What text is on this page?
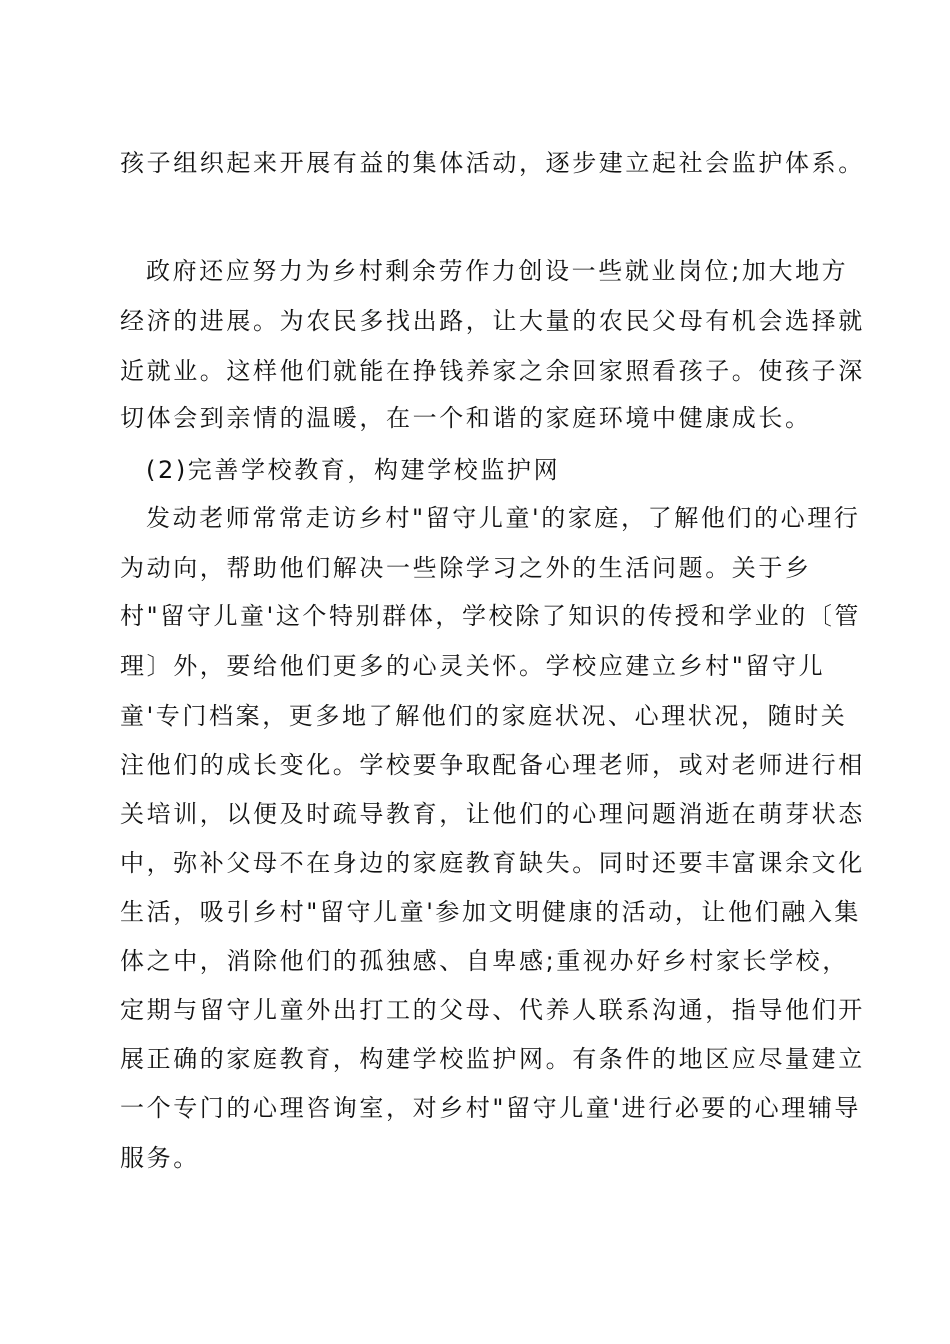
孩子组织起来开展有益的集体活动，逐步建立起社会监护体系。
政府还应努力为乡村剩余劳作力创设一些就业岗位;加大地方
经济的进展。为农民多找出路，让大量的农民父母有机会选择就
近就业。这样他们就能在挣钱养家之余回家照看孩子。使孩子深
切体会到亲情的温暖，在一个和谐的家庭环境中健康成长。
(2)完善学校教育，构建学校监护网
发动老师常常走访乡村"留守儿童'的家庭，了解他们的心理行
为动向，帮助他们解决一些除学习之外的生活问题。关于乡
村"留守儿童'这个特别群体，学校除了知识的传授和学业的〔管
理〕外，要给他们更多的心灵关怀。学校应建立乡村"留守儿
童'专门档案，更多地了解他们的家庭状况、心理状况，随时关
注他们的成长变化。学校要争取配备心理老师，或对老师进行相
关培训，以便及时疏导教育，让他们的心理问题消逝在萌芽状态
中，弥补父母不在身边的家庭教育缺失。同时还要丰富课余文化
生活，吸引乡村"留守儿童'参加文明健康的活动，让他们融入集
体之中，消除他们的孤独感、自卑感;重视办好乡村家长学校，
定期与留守儿童外出打工的父母、代养人联系沟通，指导他们开
展正确的家庭教育，构建学校监护网。有条件的地区应尽量建立
一个专门的心理咨询室，对乡村"留守儿童'进行必要的心理辅导
服务。
